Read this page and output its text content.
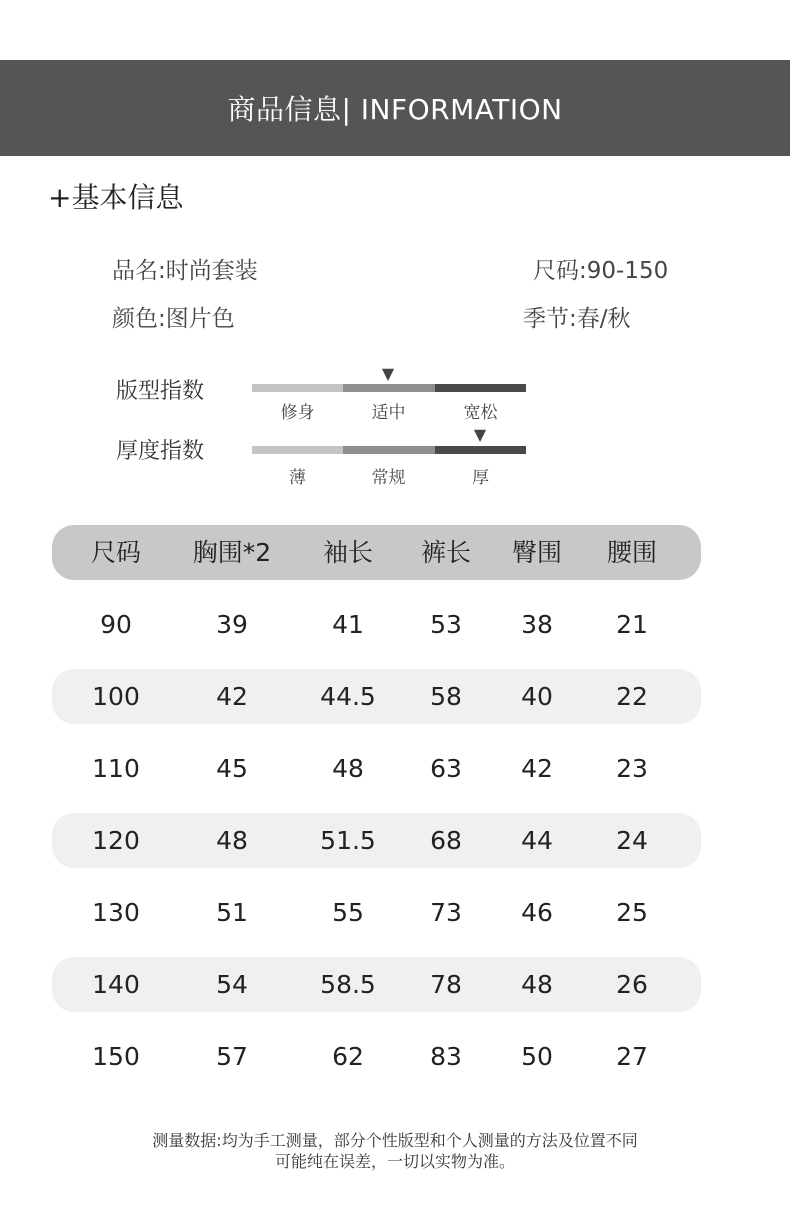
商品信息| INFORMATION
+基本信息
品名:时尚套装	尺码:90-150
颜色:图片色	季节:春/秋
版型指数
▼
修身	适中	宽松
厚度指数
▼
薄	常规	厚
尺码 胸围*2 袖长 裤长 臀围 腰围
90	39	41	53 38	21
100	42	44.5 58 40	22
110	45	48	63 42	23
120	48	51.5 68 44	24
130	51	55	73 46	25
140	54	58.5 78 48	26
150	57	62	83 50	27
测量数据:均为手工测量，部分个性版型和个人测量的方法及位置不同
可能纯在误差，一切以实物为准。
